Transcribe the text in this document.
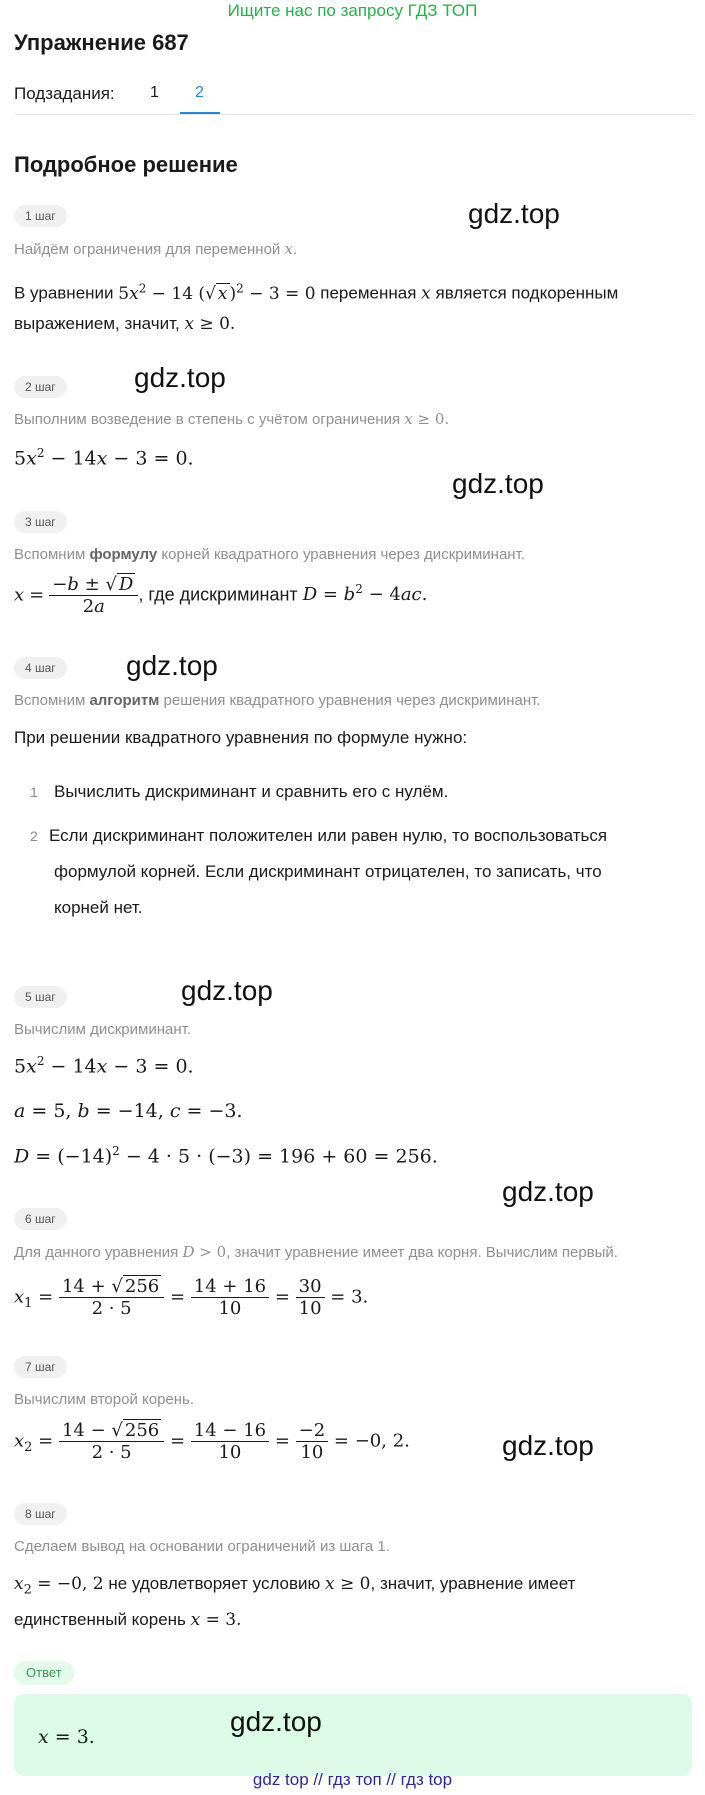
Ищите нас по запросу ГДЗ ТОП
Упражнение 687
Подзадания: 1 2
Подробное решение
1 шаг	gdz.top
Найдём ограничения для переменной x.
В уравнении $5x^2 - 14$ (√ x )$^2$ − 3 = 0 переменная x является подкоренным
выражением, значит, x ≥ 0.
2 шаг	gdz.top
Выполним возведение в степень с учётом ограничения x ≥ 0.
$5x^2 - 14x - 3 = 0$.
gdz.top
3 шаг
Вспомним формулу корней квадратного уравнения через дискриминант.
$x = \frac{-b \pm √ D}{2a}$ , где дискриминант $D = b^2 - 4ac$.
4 шаг	gdz.top
Вспомним алгоритм решения квадратного уравнения через дискриминант.
При решении квадратного уравнения по формуле нужно:
1 Вычислить дискриминант и сравнить его с нулём.
2 Если дискриминант положителен или равен нулю, то воспользоваться
формулой корней. Если дискриминант отрицателен, то записать, что
корней нет.
gdz.top
5 шаг
Вычислим дискриминант.
$5x^2 - 14x - 3 = 0$.
a = 5, b = −14, c = −3.
$D = (-14)^2 - 4 \cdot 5 \cdot (-3) = 196 + 60 = 256$.
gdz.top
6 шаг
Для данного уравнения D > 0, значит уравнение имеет два корня. Вычислим первый.
$x_1 = \frac{14 + √ 256}{2 \cdot 5} = \frac{14 + 16}{10} = \frac{30}{10} = 3$.
7 шаг
Вычислим второй корень.
$x_2 = \frac{14 - √ 256}{2 \cdot 5} = \frac{14 - 16}{10} = \frac{-2}{10} = -0$, 2.	gdz.top
8 шаг
Сделаем вывод на основании ограничений из шага 1.
$x_2 = -0$, 2 не удовлетворяет условию x ≥ 0, значит, уравнение имеет
единственный корень x = 3.
Ответ
x = 3.	gdz.top
gdz top // гдз топ // гдз top
